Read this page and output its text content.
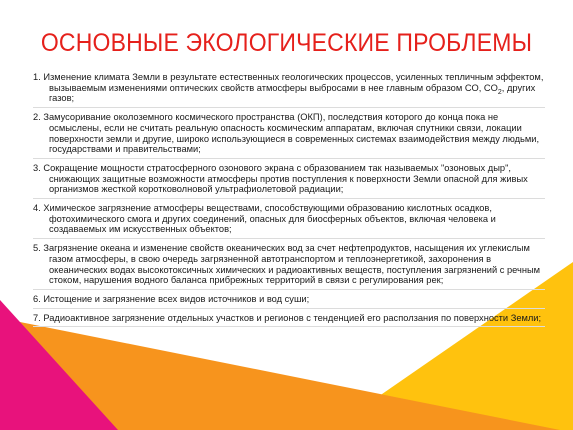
ОСНОВНЫЕ ЭКОЛОГИЧЕСКИЕ ПРОБЛЕМЫ
1. Изменение климата Земли в результате естественных геологических процессов, усиленных тепличным эффектом, вызываемым изменениями оптических свойств атмосферы выбросами в нее главным образом CO, $CO_2$, других газов;
2. Замусоривание околоземного космического пространства (ОКП), последствия которого до конца пока не осмыслены, если не считать реальную опасность космическим аппаратам, включая спутники связи, локации поверхности земли и другие, широко использующиеся в современных системах взаимодействия между людьми, государствами и правительствами;
3. Сокращение мощности стратосферного озонового экрана с образованием так называемых "озоновых дыр", снижающих защитные возможности атмосферы против поступления к поверхности Земли опасной для живых организмов жесткой коротковолновой ультрафиолетовой радиации;
4. Химическое загрязнение атмосферы веществами, способствующими образованию кислотных осадков, фотохимического смога и других соединений, опасных для биосферных объектов, включая человека и создаваемых им искусственных объектов;
5. Загрязнение океана и изменение свойств океанических вод за счет нефтепродуктов, насыщения их углекислым газом атмосферы, в свою очередь загрязненной автотранспортом и теплоэнергетикой, захоронения в океанических водах высокотоксичных химических и радиоактивных веществ, поступления загрязнений с речным стоком, нарушения водного баланса прибрежных территорий в связи с регулирования рек;
6. Истощение и загрязнение всех видов источников и вод суши;
7. Радиоактивное загрязнение отдельных участков и регионов с тенденцией его расползания по поверхности Земли;
